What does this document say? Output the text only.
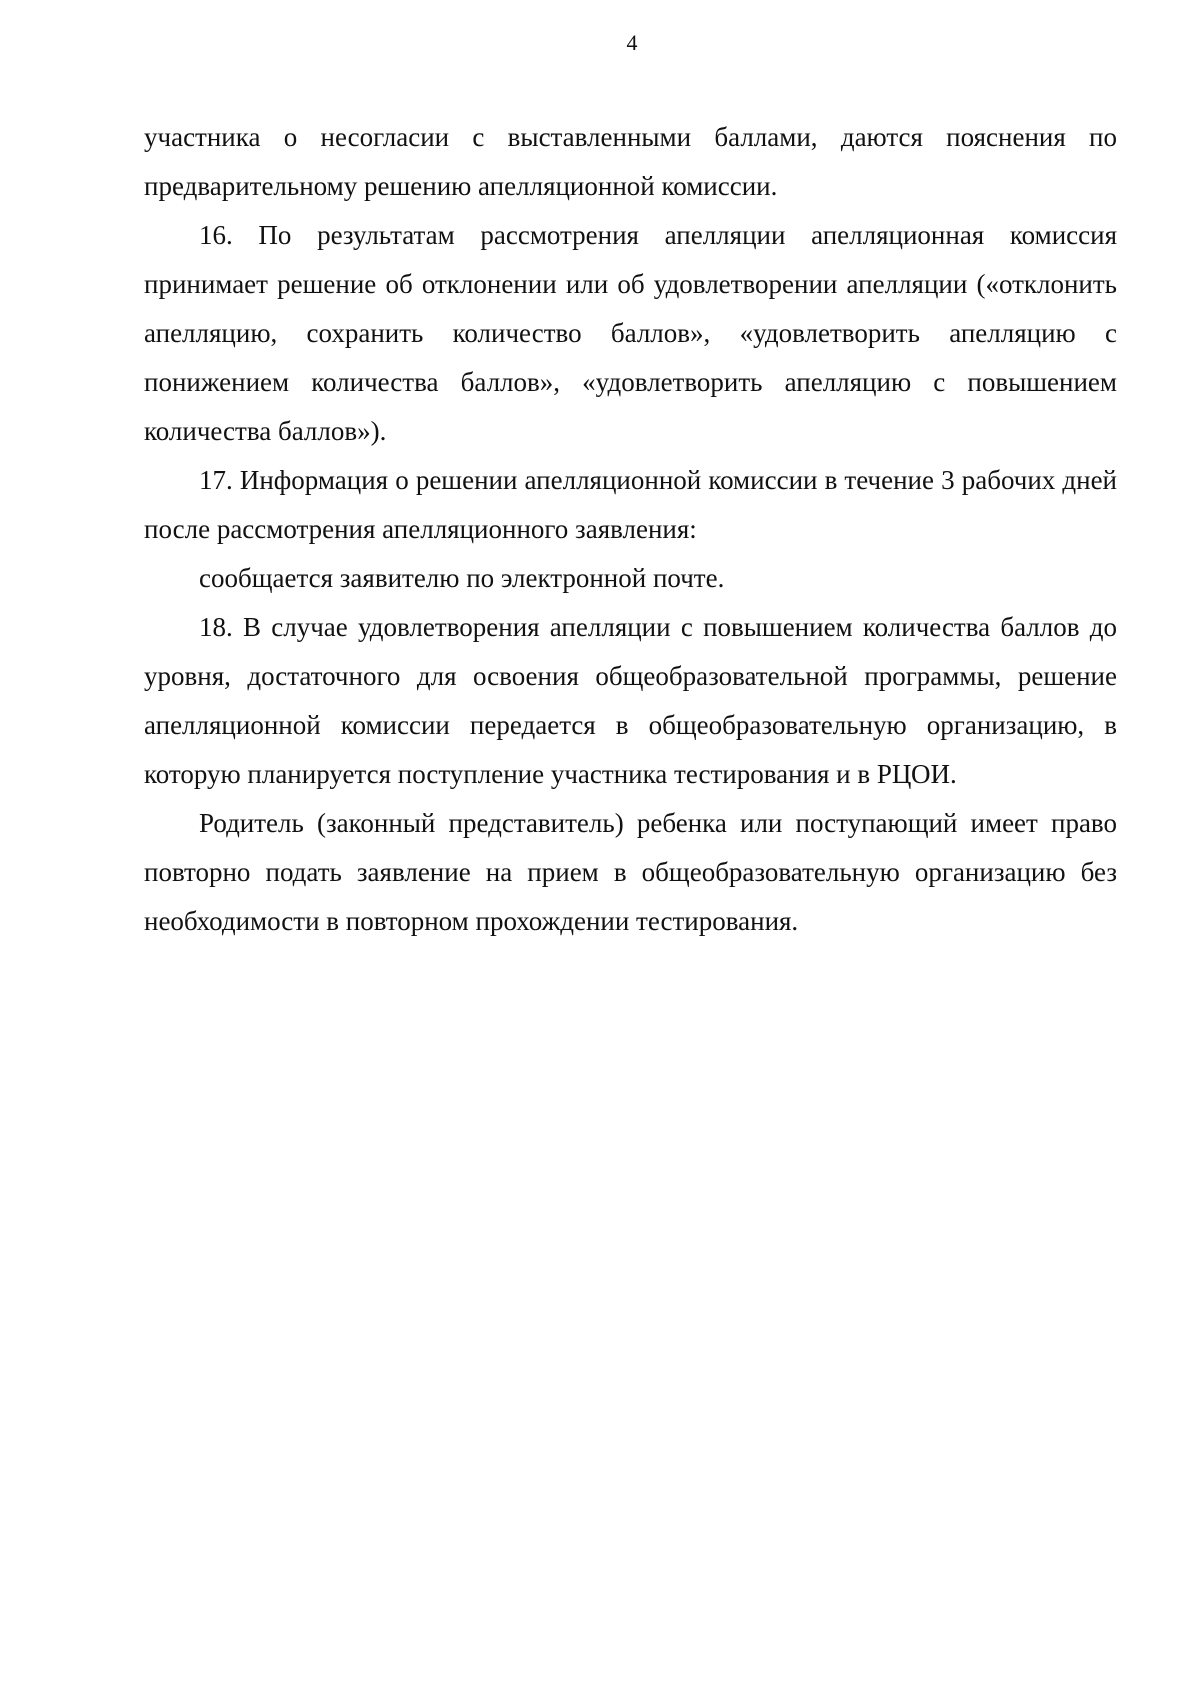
4

участника о несогласии с выставленными баллами, даются пояснения по предварительному решению апелляционной комиссии.

16. По результатам рассмотрения апелляции апелляционная комиссия принимает решение об отклонении или об удовлетворении апелляции («отклонить апелляцию, сохранить количество баллов», «удовлетворить апелляцию с понижением количества баллов», «удовлетворить апелляцию с повышением количества баллов»).

17. Информация о решении апелляционной комиссии в течение 3 рабочих дней после рассмотрения апелляционного заявления:

сообщается заявителю по электронной почте.

18. В случае удовлетворения апелляции с повышением количества баллов до уровня, достаточного для освоения общеобразовательной программы, решение апелляционной комиссии передается в общеобразовательную организацию, в которую планируется поступление участника тестирования и в РЦОИ.

Родитель (законный представитель) ребенка или поступающий имеет право повторно подать заявление на прием в общеобразовательную организацию без необходимости в повторном прохождении тестирования.
